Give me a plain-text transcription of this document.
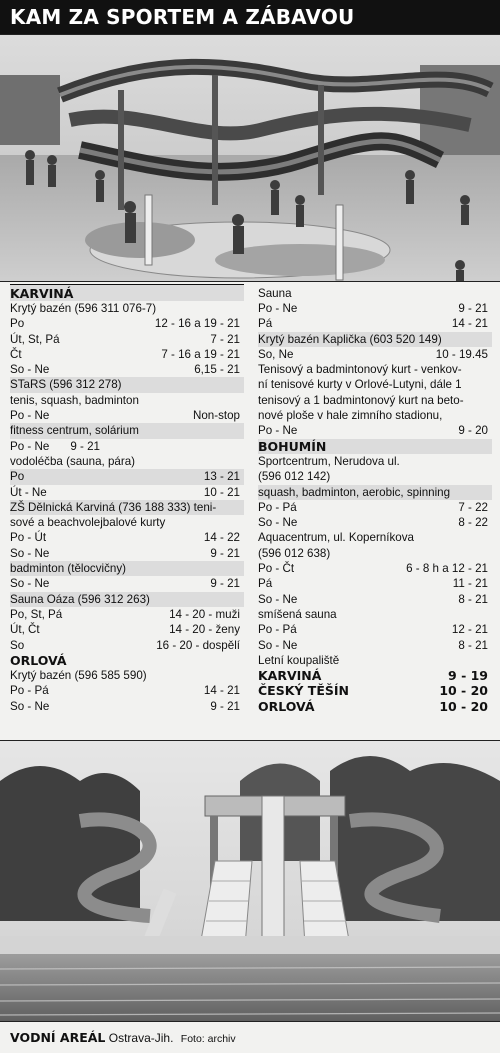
KAM ZA SPORTEM A ZÁBAVOU
KARVINÁ
Krytý bazén (596 311 076-7)
Po	12 - 16 a 19 - 21
Út, St, Pá	7 - 21
Čt	7 - 16 a 19 - 21
So - Ne	6,15 - 21
STaRS (596 312 278)
tenis, squash, badminton
Po - Ne	Non-stop
fitness centrum, solárium
Po - Ne 9 - 21
vodoléčba (sauna, pára)
Po	13 - 21
Út - Ne	10 - 21
ZŠ Dělnická Karviná (736 188 333) teni-
sové a beachvolejbalové kurty
Po - Út	14 - 22
So - Ne	9 - 21
badminton (tělocvičny)
So - Ne	9 - 21
Sauna Oáza (596 312 263)
Po, St, Pá	14 - 20 - muži
Út, Čt	14 - 20 - ženy
So	16 - 20 - dospělí
ORLOVÁ
Krytý bazén (596 585 590)
Po - Pá	14 - 21
So - Ne	9 - 21
Sauna
Po - Ne	9 - 21
Pá	14 - 21
Krytý bazén Kaplička (603 520 149)
So, Ne	10 - 19.45
Tenisový a badmintonový kurt - venkov-
ní tenisové kurty v Orlové-Lutyni, dále 1
tenisový a 1 badmintonový kurt na beto-
nové ploše v hale zimního stadionu,
Po - Ne	9 - 20
BOHUMÍN
Sportcentrum, Nerudova ul.
(596 012 142)
squash, badminton, aerobic, spinning
Po - Pá	7 - 22
So - Ne	8 - 22
Aquacentrum, ul. Koperníkova
(596 012 638)
Po - Čt	6 - 8 h a 12 - 21
Pá	11 - 21
So - Ne	8 - 21
smíšená sauna
Po - Pá	12 - 21
So - Ne	8 - 21
Letní koupaliště
KARVINÁ	9 - 19
ČESKÝ TĚŠÍN	10 - 20
ORLOVÁ	10 - 20
VODNÍ AREÁL Ostrava-Jih. Foto: archiv
